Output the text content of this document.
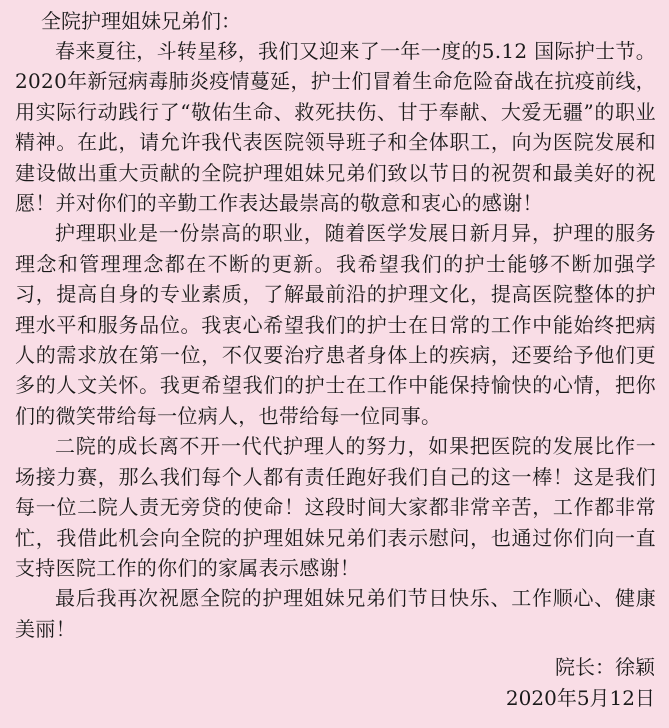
全院护理姐妹兄弟们：

春来夏往，斗转星移，我们又迎来了一年一度的5.12 国际护士节。2020年新冠病毒肺炎疫情蔓延，护士们冒着生命危险奋战在抗疫前线，用实际行动践行了“敬佑生命、救死扶伤、甘于奉献、大爱无疆”的职业精神。在此，请允许我代表医院领导班子和全体职工，向为医院发展和建设做出重大贡献的全院护理姐妹兄弟们致以节日的祝贺和最美好的祝愿！并对你们的辛勤工作表达最崇高的敬意和衷心的感谢！

护理职业是一份崇高的职业，随着医学发展日新月异，护理的服务理念和管理理念都在不断的更新。我希望我们的护士能够不断加强学习，提高自身的专业素质，了解最前沿的护理文化，提高医院整体的护理水平和服务品位。我衷心希望我们的护士在日常的工作中能始终把病人的需求放在第一位，不仅要治疗患者身体上的疾病，还要给予他们更多的人文关怀。我更希望我们的护士在工作中能保持愉快的心情，把你们的微笑带给每一位病人，也带给每一位同事。

二院的成长离不开一代代护理人的努力，如果把医院的发展比作一场接力赛，那么我们每个人都有责任跑好我们自己的这一棒！这是我们每一位二院人责无旁贷的使命！这段时间大家都非常辛苦，工作都非常忙，我借此机会向全院的护理姐妹兄弟们表示慰问，也通过你们向一直支持医院工作的你们的家属表示感谢！

最后我再次祝愿全院的护理姐妹兄弟们节日快乐、工作顺心、健康美丽！

院长：徐颖
2020年5月12日
